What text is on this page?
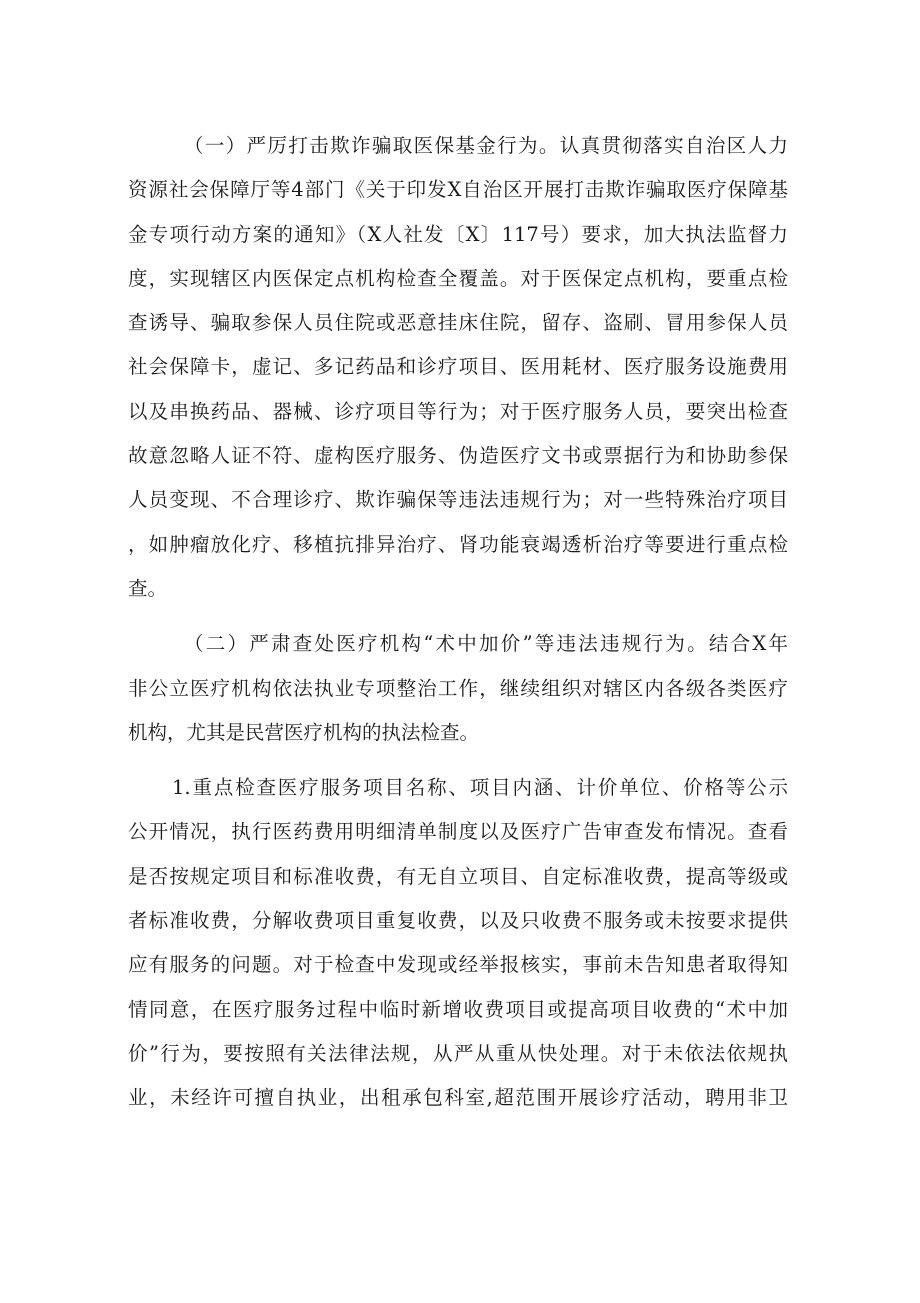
（一）严厉打击欺诈骗取医保基金行为。认真贯彻落实自治区人力
资源社会保障厅等4部门《关于印发X自治区开展打击欺诈骗取医疗保障基
金专项行动方案的通知》（X人社发〔X〕117号）要求，加大执法监督力
度，实现辖区内医保定点机构检查全覆盖。对于医保定点机构，要重点检
查诱导、骗取参保人员住院或恶意挂床住院，留存、盗刷、冒用参保人员
社会保障卡，虚记、多记药品和诊疗项目、医用耗材、医疗服务设施费用
以及串换药品、器械、诊疗项目等行为；对于医疗服务人员，要突出检查
故意忽略人证不符、虚构医疗服务、伪造医疗文书或票据行为和协助参保
人员变现、不合理诊疗、欺诈骗保等违法违规行为；对一些特殊治疗项目
，如肿瘤放化疗、移植抗排异治疗、肾功能衰竭透析治疗等要进行重点检
查。
（二）严肃查处医疗机构“术中加价”等违法违规行为。结合X年
非公立医疗机构依法执业专项整治工作，继续组织对辖区内各级各类医疗
机构，尤其是民营医疗机构的执法检查。
1.重点检查医疗服务项目名称、项目内涵、计价单位、价格等公示
公开情况，执行医药费用明细清单制度以及医疗广告审查发布情况。查看
是否按规定项目和标准收费，有无自立项目、自定标准收费，提高等级或
者标准收费，分解收费项目重复收费，以及只收费不服务或未按要求提供
应有服务的问题。对于检查中发现或经举报核实，事前未告知患者取得知
情同意，在医疗服务过程中临时新增收费项目或提高项目收费的“术中加
价”行为，要按照有关法律法规，从严从重从快处理。对于未依法依规执
业，未经许可擅自执业，出租承包科室,超范围开展诊疗活动，聘用非卫
